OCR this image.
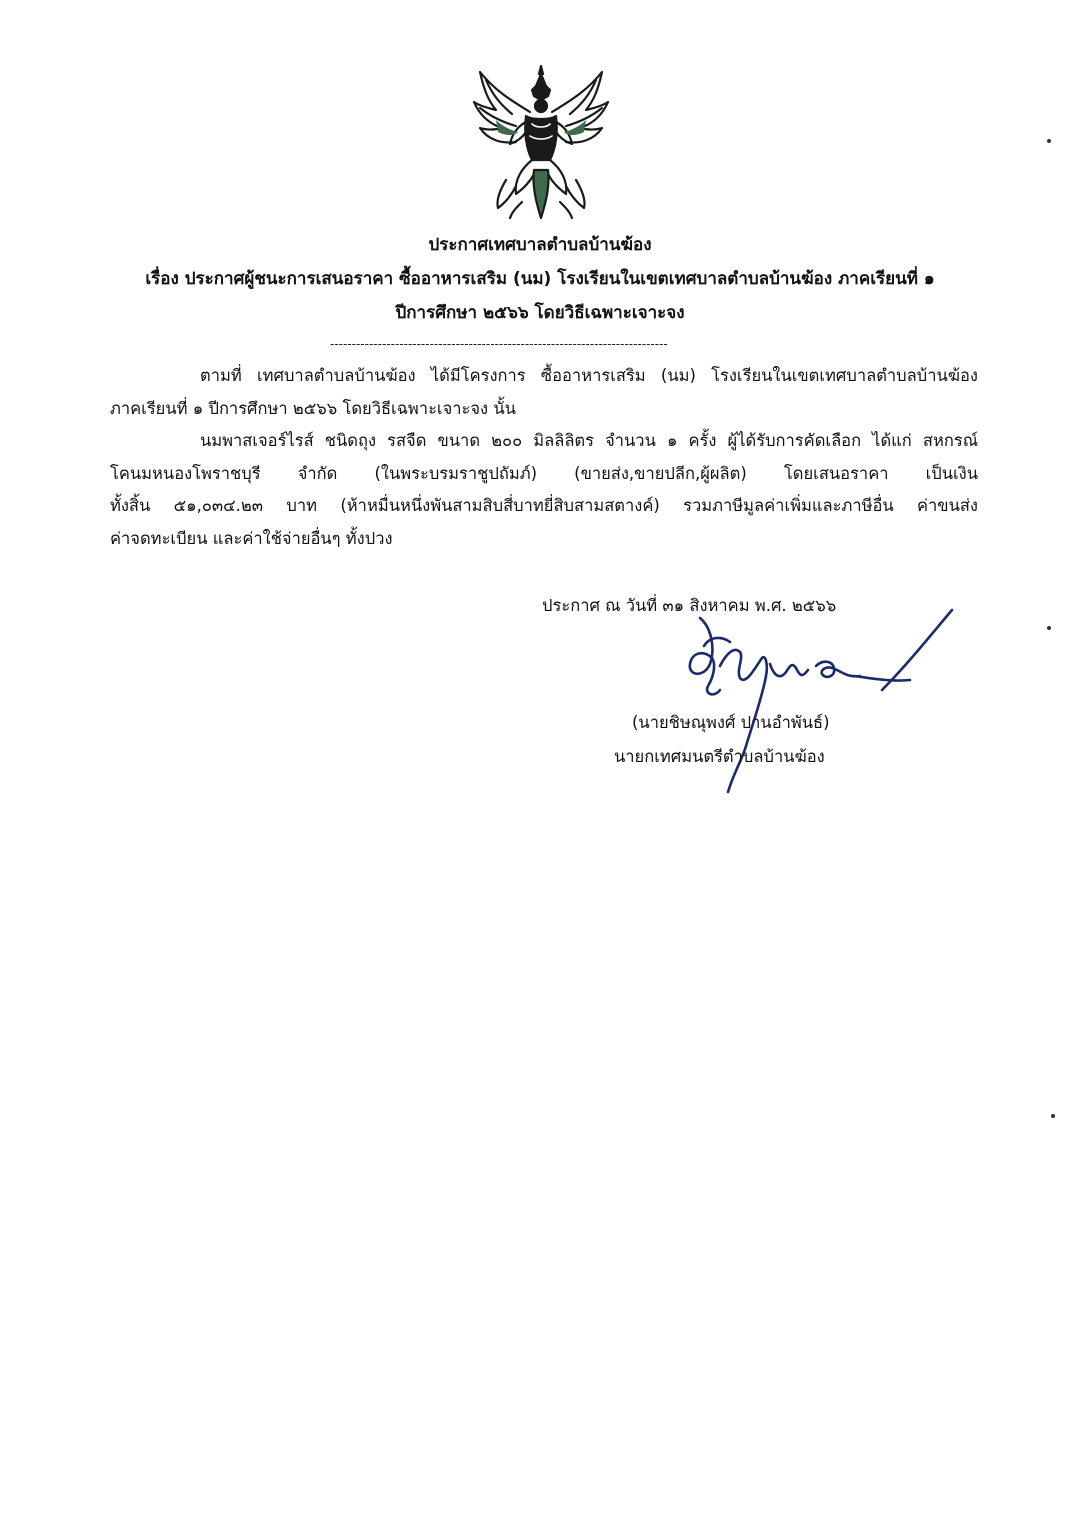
ประกาศเทศบาลตำบลบ้านฆ้อง
เรื่อง ประกาศผู้ชนะการเสนอราคา ซื้ออาหารเสริม (นม) โรงเรียนในเขตเทศบาลตำบลบ้านฆ้อง ภาคเรียนที่ ๑
ปีการศึกษา ๒๕๖๖ โดยวิธีเฉพาะเจาะจง
------------------------------------------------------------------------------
ตามที่ เทศบาลตำบลบ้านฆ้อง ได้มีโครงการ ซื้ออาหารเสริม (นม) โรงเรียนในเขตเทศบาลตำบลบ้านฆ้อง
ภาคเรียนที่ ๑ ปีการศึกษา ๒๕๖๖ โดยวิธีเฉพาะเจาะจง นั้น
นมพาสเจอร์ไรส์ ชนิดถุง รสจืด ขนาด ๒๐๐ มิลลิลิตร จำนวน ๑ ครั้ง ผู้ได้รับการคัดเลือก ได้แก่ สหกรณ์
โคนมหนองโพราชบุรี จำกัด (ในพระบรมราชูปถัมภ์) (ขายส่ง,ขายปลีก,ผู้ผลิต) โดยเสนอราคา เป็นเงิน
ทั้งสิ้น ๕๑,๐๓๔.๒๓ บาท (ห้าหมื่นหนึ่งพันสามสิบสี่บาทยี่สิบสามสตางค์) รวมภาษีมูลค่าเพิ่มและภาษีอื่น ค่าขนส่ง
ค่าจดทะเบียน และค่าใช้จ่ายอื่นๆ ทั้งปวง
ประกาศ ณ วันที่ ๓๑ สิงหาคม พ.ศ. ๒๕๖๖
(นายชิษณุพงศ์ ปานอำพันธ์)
นายกเทศมนตรีตำบลบ้านฆ้อง
